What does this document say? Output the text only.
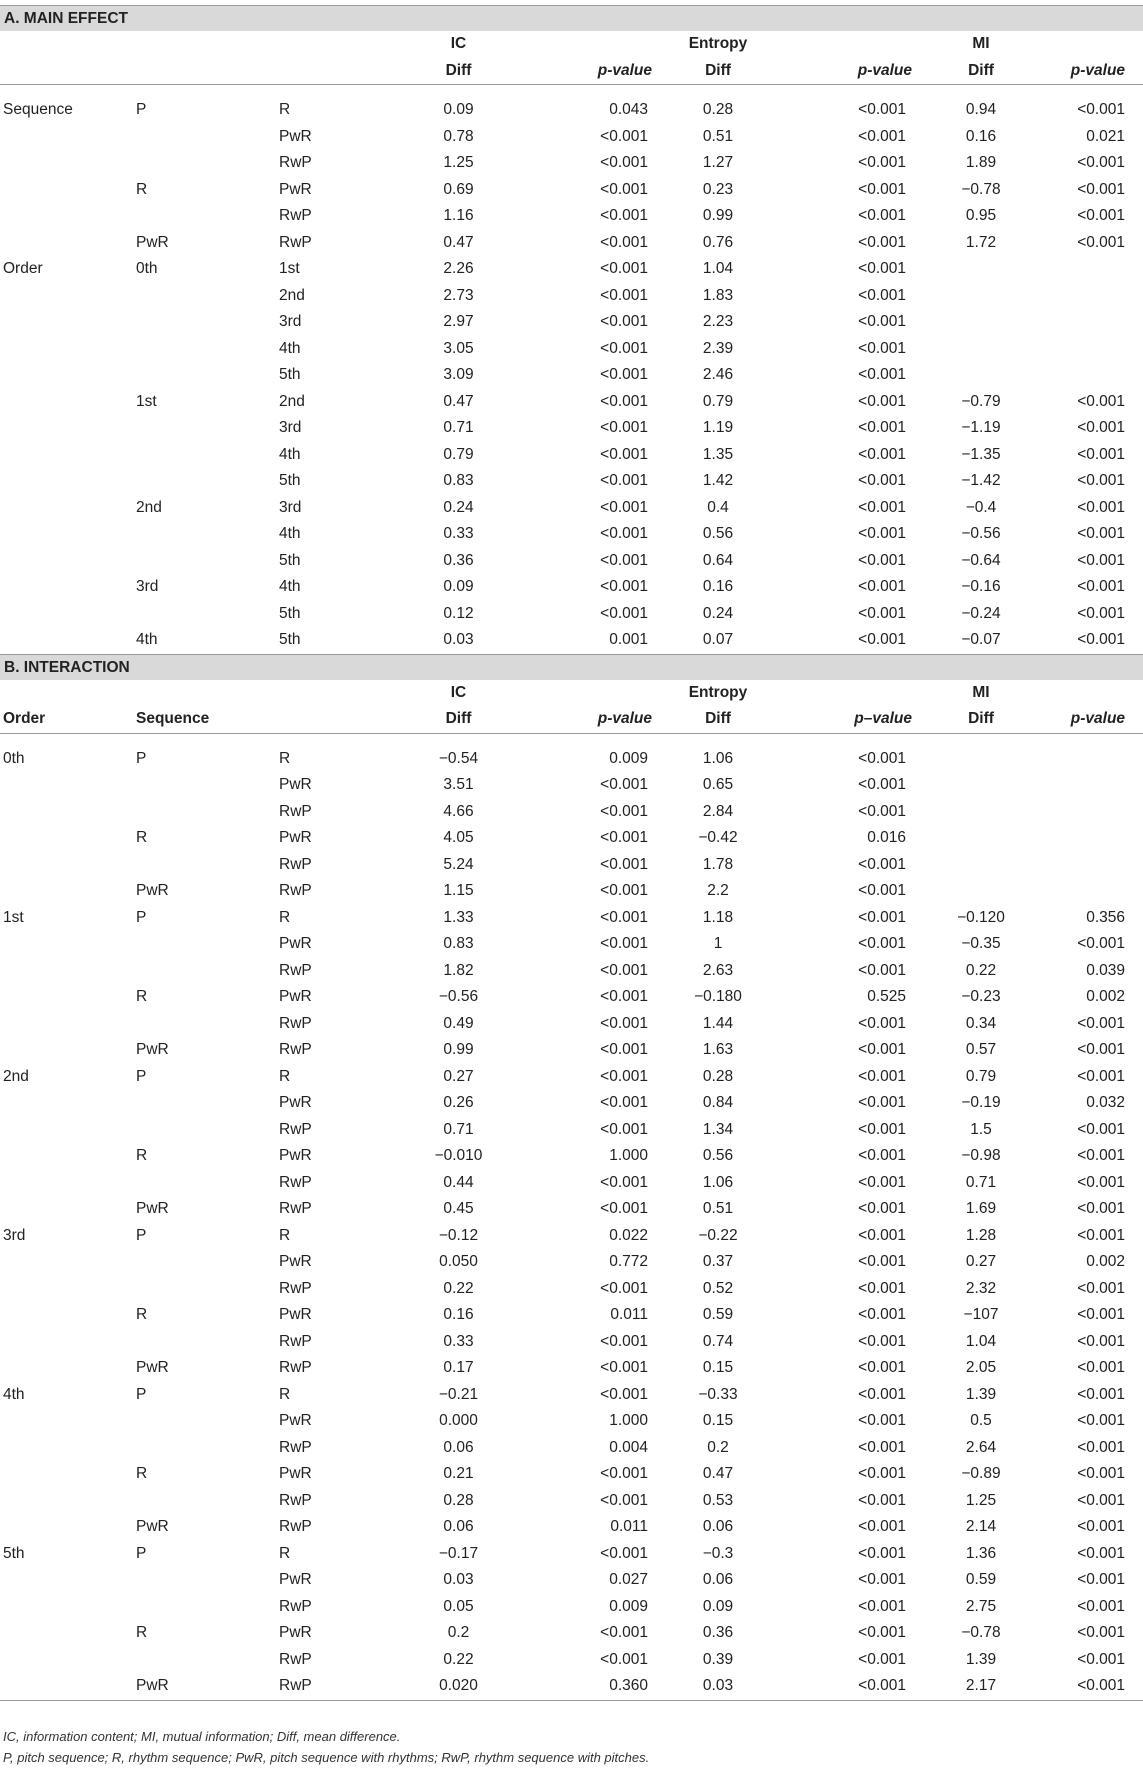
A. MAIN EFFECT								
			IC		Entropy		MI	
			Diff	p-value	Diff	p-value	Diff	p-value

Sequence	P	R	0.09	0.043	0.28	<0.001	0.94	<0.001
		PwR	0.78	<0.001	0.51	<0.001	0.16	0.021
		RwP	1.25	<0.001	1.27	<0.001	1.89	<0.001
	R	PwR	0.69	<0.001	0.23	<0.001	−0.78	<0.001
		RwP	1.16	<0.001	0.99	<0.001	0.95	<0.001
	PwR	RwP	0.47	<0.001	0.76	<0.001	1.72	<0.001
Order	0th	1st	2.26	<0.001	1.04	<0.001		
		2nd	2.73	<0.001	1.83	<0.001		
		3rd	2.97	<0.001	2.23	<0.001		
		4th	3.05	<0.001	2.39	<0.001		
		5th	3.09	<0.001	2.46	<0.001		
	1st	2nd	0.47	<0.001	0.79	<0.001	−0.79	<0.001
		3rd	0.71	<0.001	1.19	<0.001	−1.19	<0.001
		4th	0.79	<0.001	1.35	<0.001	−1.35	<0.001
		5th	0.83	<0.001	1.42	<0.001	−1.42	<0.001
	2nd	3rd	0.24	<0.001	0.4	<0.001	−0.4	<0.001
		4th	0.33	<0.001	0.56	<0.001	−0.56	<0.001
		5th	0.36	<0.001	0.64	<0.001	−0.64	<0.001
	3rd	4th	0.09	<0.001	0.16	<0.001	−0.16	<0.001
		5th	0.12	<0.001	0.24	<0.001	−0.24	<0.001
	4th	5th	0.03	0.001	0.07	<0.001	−0.07	<0.001
B. INTERACTION								
			IC		Entropy		MI	
Order	Sequence		Diff	p-value	Diff	p–value	Diff	p-value

0th	P	R	−0.54	0.009	1.06	<0.001		
		PwR	3.51	<0.001	0.65	<0.001		
		RwP	4.66	<0.001	2.84	<0.001		
	R	PwR	4.05	<0.001	−0.42	0.016		
		RwP	5.24	<0.001	1.78	<0.001		
	PwR	RwP	1.15	<0.001	2.2	<0.001		
1st	P	R	1.33	<0.001	1.18	<0.001	−0.120	0.356
		PwR	0.83	<0.001	1	<0.001	−0.35	<0.001
		RwP	1.82	<0.001	2.63	<0.001	0.22	0.039
	R	PwR	−0.56	<0.001	−0.180	0.525	−0.23	0.002
		RwP	0.49	<0.001	1.44	<0.001	0.34	<0.001
	PwR	RwP	0.99	<0.001	1.63	<0.001	0.57	<0.001
2nd	P	R	0.27	<0.001	0.28	<0.001	0.79	<0.001
		PwR	0.26	<0.001	0.84	<0.001	−0.19	0.032
		RwP	0.71	<0.001	1.34	<0.001	1.5	<0.001
	R	PwR	−0.010	1.000	0.56	<0.001	−0.98	<0.001
		RwP	0.44	<0.001	1.06	<0.001	0.71	<0.001
	PwR	RwP	0.45	<0.001	0.51	<0.001	1.69	<0.001
3rd	P	R	−0.12	0.022	−0.22	<0.001	1.28	<0.001
		PwR	0.050	0.772	0.37	<0.001	0.27	0.002
		RwP	0.22	<0.001	0.52	<0.001	2.32	<0.001
	R	PwR	0.16	0.011	0.59	<0.001	−107	<0.001
		RwP	0.33	<0.001	0.74	<0.001	1.04	<0.001
	PwR	RwP	0.17	<0.001	0.15	<0.001	2.05	<0.001
4th	P	R	−0.21	<0.001	−0.33	<0.001	1.39	<0.001
		PwR	0.000	1.000	0.15	<0.001	0.5	<0.001
		RwP	0.06	0.004	0.2	<0.001	2.64	<0.001
	R	PwR	0.21	<0.001	0.47	<0.001	−0.89	<0.001
		RwP	0.28	<0.001	0.53	<0.001	1.25	<0.001
	PwR	RwP	0.06	0.011	0.06	<0.001	2.14	<0.001
5th	P	R	−0.17	<0.001	−0.3	<0.001	1.36	<0.001
		PwR	0.03	0.027	0.06	<0.001	0.59	<0.001
		RwP	0.05	0.009	0.09	<0.001	2.75	<0.001
	R	PwR	0.2	<0.001	0.36	<0.001	−0.78	<0.001
		RwP	0.22	<0.001	0.39	<0.001	1.39	<0.001
	PwR	RwP	0.020	0.360	0.03	<0.001	2.17	<0.001
IC, information content; MI, mutual information; Diff, mean difference.
P, pitch sequence; R, rhythm sequence; PwR, pitch sequence with rhythms; RwP, rhythm sequence with pitches.
